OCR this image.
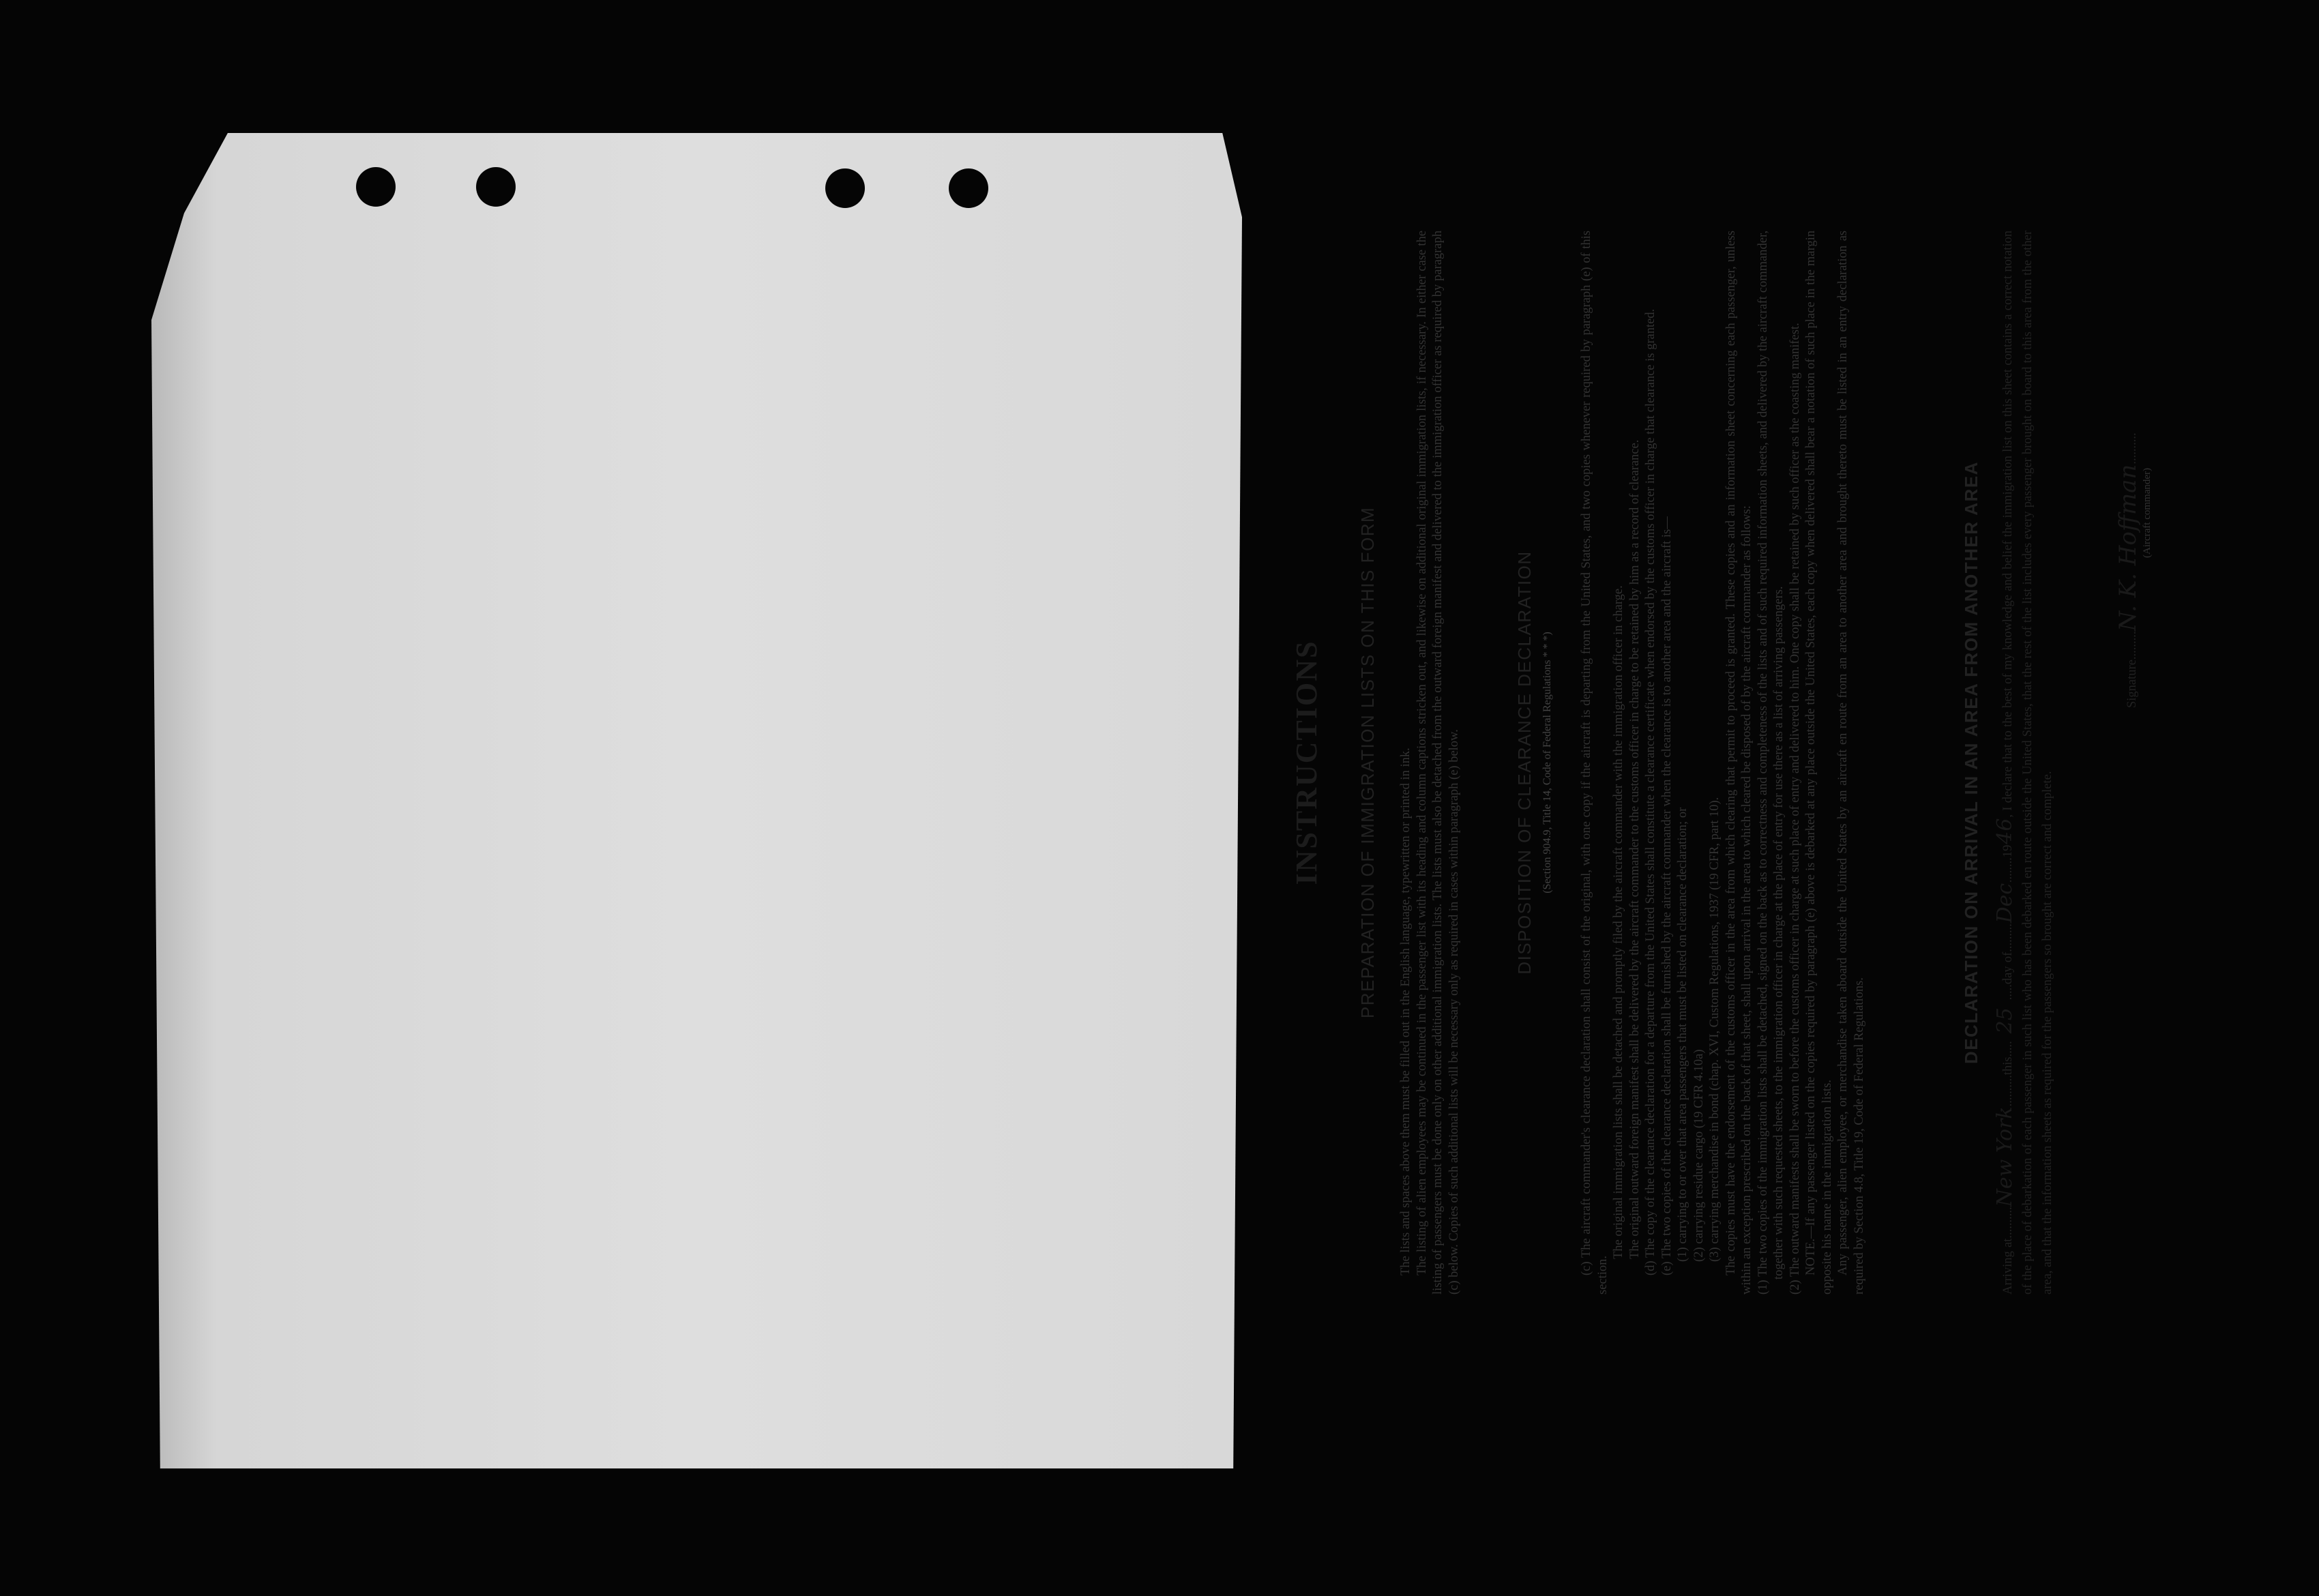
INSTRUCTIONS PREPARATION OF IMMIGRATION LISTS ON THIS FORM The lists and spaces above them must be filled out in the English language, typewritten or printed in ink. The listing of alien employees may be continued in the passenger list with its heading and column captions stricken out, and likewise on additional original immigration lists, if necessary. In either case the listing of passengers must be done only on other additional immigration lists. The lists must also be detached from the outward foreign manifest and delivered to the immigration officer as required by paragraph (c) below. Copies of such additional lists will be necessary only as required in cases within paragraph (e) below.	DISPOSITION OF CLEARANCE DECLARATION (Section 904.9, Title 14, Code of Federal Regulations * * *) (c) The aircraft commander's clearance declaration shall consist of the original, with one copy if the aircraft is departing from the United States, and two copies whenever required by paragraph (e) of this section.

The original immigration lists shall be detached and promptly filed by the aircraft commander with the immigration officer in charge. The original outward foreign manifest shall be delivered by the aircraft commander to the customs officer in charge to be retained by him as a record of clearance. (d) The copy of the clearance declaration for a departure from the United States shall constitute a clearance certificate when endorsed by the customs officer in charge that clearance is granted. (e) The two copies of the clearance declaration shall be furnished by the aircraft commander when the clearance is to another area and the aircraft is— (1) carrying to or over that area passengers that must be listed on clearance declaration; or (2) carrying residue cargo (19 CFR 4.10a) (3) carrying merchandise in bond (chap. XVI, Custom Regulations, 1937 (19 CFR, part 10). The copies must have the endorsement of the customs officer in the area from which clearing that permit to proceed is granted. These copies and an information sheet concerning each passenger, unless within an exception prescribed on the back of that sheet, shall upon arrival in the area to which cleared be disposed of by the aircraft commander as follows: (1) The two copies of the immigration lists shall be detached, signed on the back as to correctness and completeness of the lists and of such required information sheets, and delivered by the aircraft commander, together with such requested sheets, to the immigration officer in charge at the place of entry for use there as a list of arriving passengers. (2) The outward manifests shall be sworn to before the customs officer in charge at such place of entry and delivered to him. One copy shall be retained by such officer as the coasting manifest. NOTE.—If any passenger listed on the copies required by paragraph (e) above is debarked at any place outside the United States, each copy when delivered shall bear a notation of such place in the margin opposite his name in the immigration lists. Any passenger, alien employee, or merchandise taken aboard outside the United States by an aircraft en route from an area to another area and brought thereto must be listed in an entry declaration as required by Section 4.8, Title 19, Code of Federal Regulations.

DECLARATION ON ARRIVAL IN AN AREA FROM ANOTHER AREA
Arriving at..........New York..........this.....25.....day of.........Dec........1946, I declare that to the best of my knowledge and belief the immigration list on this sheet contains a correct notation of the place of debarkation of each passenger in such list who has been debarked en route outside the United States, that the rest of the list includes every passenger brought on board to this area from the other area, and that the information sheets as required for the passengers so brought are correct and complete.
Signature.........N. K. Hoffman..........
(Aircraft commander)
